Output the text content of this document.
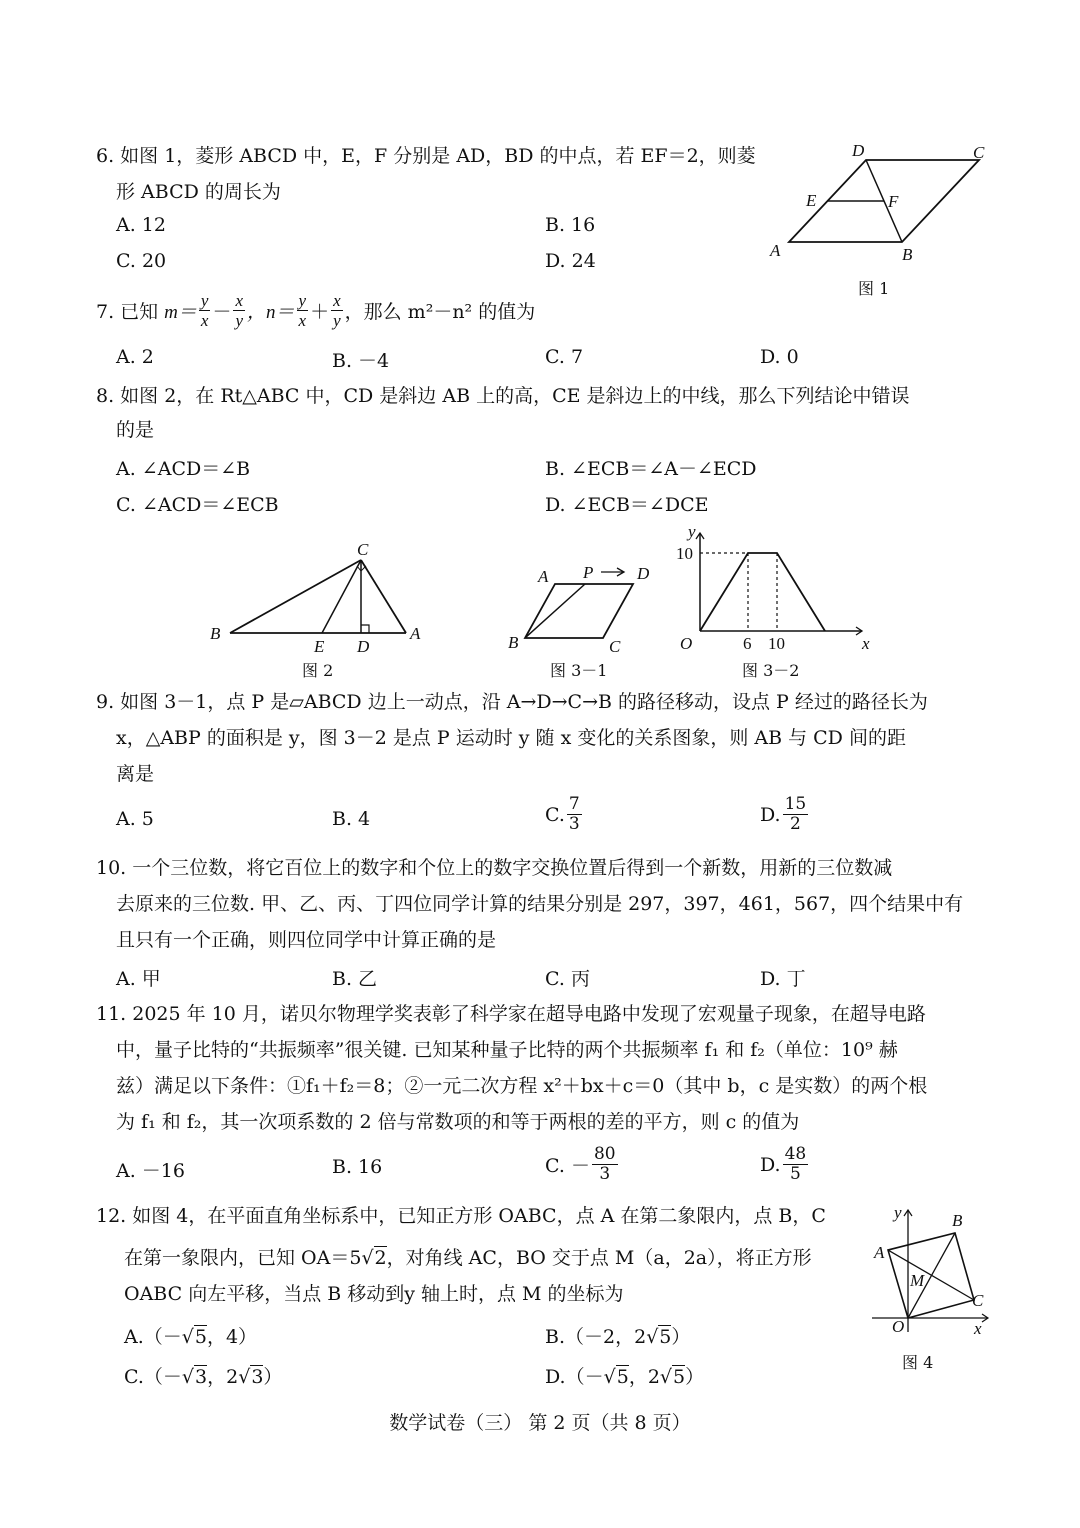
6. 如图 1，菱形 ABCD 中，E，F 分别是 AD，BD 的中点，若 EF＝2，则菱
形 ABCD 的周长为
A. 12	B. 16
C. 20	D. 24
D	C
E	F
A	B
图 1
7. 已知 $m= \frac{y}{x} - \frac{x}{y}$ ，$n= \frac{y}{x} + \frac{x}{y}$ ，那么 m²－n² 的值为
A. 2	B. －4	C. 7	D. 0
8. 如图 2，在 Rt△ABC 中，CD 是斜边 AB 上的高，CE 是斜边上的中线，那么下列结论中错误
的是
A. ∠ACD＝∠B	B. ∠ECB＝∠A－∠ECD
C. ∠ACD＝∠ECB	D. ∠ECB＝∠DCE
C
B
E D
A
图 2
A P	D
B	C
图 3－1
y
x
O
10
6 10
图 3－2
9. 如图 3－1，点 P 是▱ABCD 边上一动点，沿 A→D→C→B 的路径移动，设点 P 经过的路径长为
x，△ABP 的面积是 y，图 3－2 是点 P 运动时 y 随 x 变化的关系图象，则 AB 与 CD 间的距
离是
A. 5	B. 4	C. $\frac{7}{3}$	D. $\frac{15}{2}$
10. 一个三位数，将它百位上的数字和个位上的数字交换位置后得到一个新数，用新的三位数减
去原来的三位数. 甲、乙、丙、丁四位同学计算的结果分别是 297，397，461，567，四个结果中有
且只有一个正确，则四位同学中计算正确的是
A. 甲	B. 乙	C. 丙	D. 丁
11. 2025 年 10 月，诺贝尔物理学奖表彰了科学家在超导电路中发现了宏观量子现象，在超导电路
中，量子比特的“共振频率”很关键. 已知某种量子比特的两个共振频率 f₁ 和 f₂（单位：10⁹ 赫
兹）满足以下条件：①f₁＋f₂＝8；②一元二次方程 x²＋bx＋c＝0（其中 b，c 是实数）的两个根
为 f₁ 和 f₂，其一次项系数的 2 倍与常数项的和等于两根的差的平方，则 c 的值为
A. －16	B. 16	C. － $\frac{80}{3}$	D. $\frac{48}{5}$
12. 如图 4，在平面直角坐标系中，已知正方形 OABC，点 A 在第二象限内，点 B，C
在第一象限内，已知 OA＝5√2，对角线 AC，BO 交于点 M（a，2a），将正方形
OABC 向左平移，当点 B 移动到y 轴上时，点 M 的坐标为
A.（－√5，4）	B.（－2，2√5）
C.（－√3，2√3）	D.（－√5，2√5）
y	B
A
M
C
O	x
图 4
数学试卷（三） 第 2 页（共 8 页）
